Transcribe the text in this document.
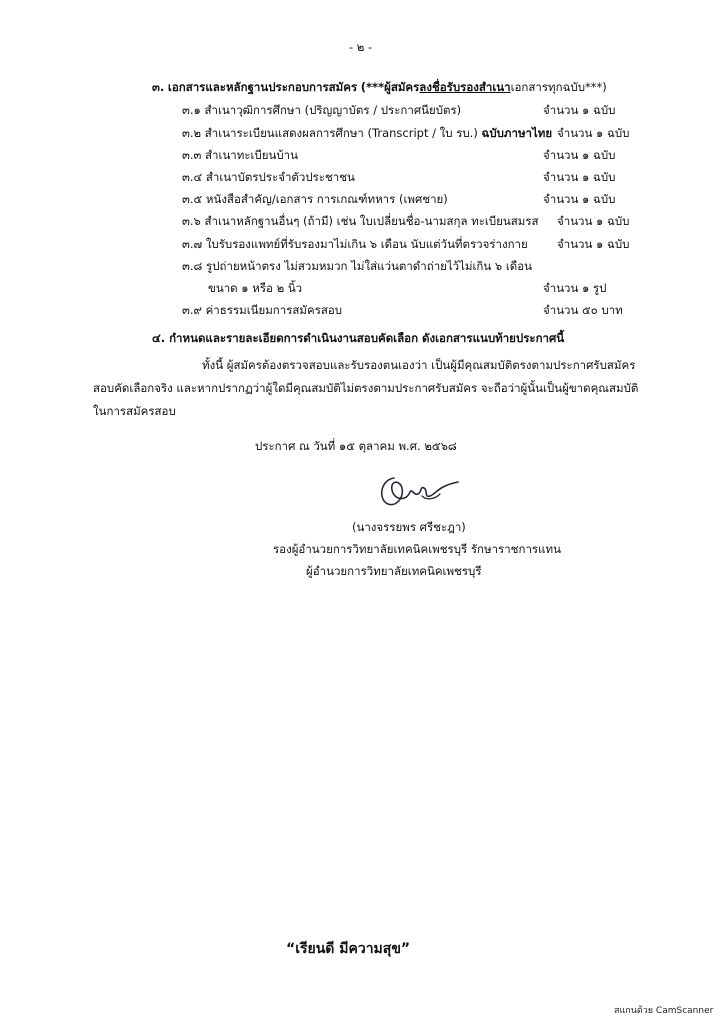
- ๒ -
๓. เอกสารและหลักฐานประกอบการสมัคร (***ผู้สมัครลงชื่อรับรองสำเนาเอกสารทุกฉบับ***)
๓.๑ สำเนาวุฒิการศึกษา (ปริญญาบัตร / ประกาศนียบัตร)	จำนวน ๑ ฉบับ
๓.๒ สำเนาระเบียนแสดงผลการศึกษา (Transcript / ใบ รบ.) ฉบับภาษาไทย จำนวน ๑ ฉบับ
๓.๓ สำเนาทะเบียนบ้าน	จำนวน ๑ ฉบับ
๓.๔ สำเนาบัตรประจำตัวประชาชน	จำนวน ๑ ฉบับ
๓.๕ หนังสือสำคัญ/เอกสาร การเกณฑ์ทหาร (เพศชาย)	จำนวน ๑ ฉบับ
๓.๖ สำเนาหลักฐานอื่นๆ (ถ้ามี) เช่น ใบเปลี่ยนชื่อ-นามสกุล ทะเบียนสมรส จำนวน ๑ ฉบับ
๓.๗ ใบรับรองแพทย์ที่รับรองมาไม่เกิน ๖ เดือน นับแต่วันที่ตรวจร่างกาย	จำนวน ๑ ฉบับ
๓.๘ รูปถ่ายหน้าตรง ไม่สวมหมวก ไม่ใส่แว่นตาดำถ่ายไว้ไม่เกิน ๖ เดือน
ขนาด ๑ หรือ ๒ นิ้ว	จำนวน ๑ รูป
๓.๙ ค่าธรรมเนียมการสมัครสอบ	จำนวน ๕๐ บาท
๔. กำหนดและรายละเอียดการดำเนินงานสอบคัดเลือก ดังเอกสารแนบท้ายประกาศนี้
ทั้งนี้ ผู้สมัครต้องตรวจสอบและรับรองตนเองว่า เป็นผู้มีคุณสมบัติตรงตามประกาศรับสมัคร
สอบคัดเลือกจริง และหากปรากฏว่าผู้ใดมีคุณสมบัติไม่ตรงตามประกาศรับสมัคร จะถือว่าผู้นั้นเป็นผู้ขาดคุณสมบัติ
ในการสมัครสอบ
ประกาศ ณ วันที่ ๑๕ ตุลาคม พ.ศ. ๒๕๖๘
(นางจรรยพร ศรีชะฎา)
รองผู้อำนวยการวิทยาลัยเทคนิคเพชรบุรี รักษาราชการแทน
ผู้อำนวยการวิทยาลัยเทคนิคเพชรบุรี
“เรียนดี มีความสุข”
สแกนด้วย CamScanner
